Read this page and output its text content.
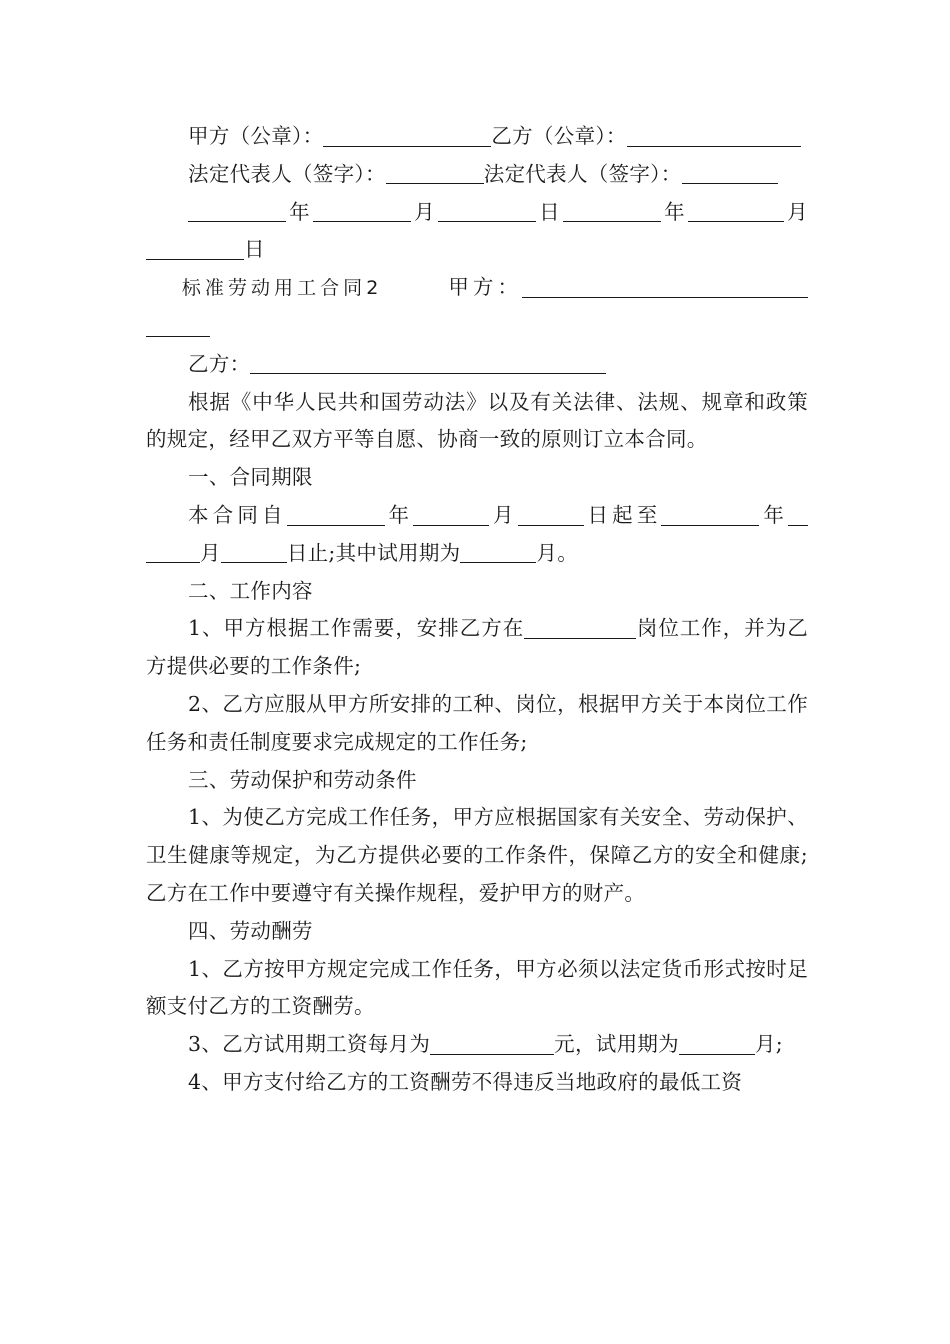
甲方（公章）：	乙方（公章）：

法定代表人（签字）：	法定代表人（签字）：

年	月	日	年	月日

标准劳动用工合同2	甲方：

乙方：

根据《中华人民共和国劳动法》以及有关法律、法规、规章和政策的规定，经甲乙双方平等自愿、协商一致的原则订立本合同。

一、合同期限

本合同自	年	月	日起至	年月	日止;其中试用期为	月。

二、工作内容

1、甲方根据工作需要，安排乙方在	岗位工作，并为乙方提供必要的工作条件;

2、乙方应服从甲方所安排的工种、岗位，根据甲方关于本岗位工作任务和责任制度要求完成规定的工作任务;

三、劳动保护和劳动条件

1、为使乙方完成工作任务，甲方应根据国家有关安全、劳动保护、卫生健康等规定，为乙方提供必要的工作条件，保障乙方的安全和健康;乙方在工作中要遵守有关操作规程，爱护甲方的财产。

四、劳动酬劳

1、乙方按甲方规定完成工作任务，甲方必须以法定货币形式按时足额支付乙方的工资酬劳。

3、乙方试用期工资每月为	元，试用期为	月;

4、甲方支付给乙方的工资酬劳不得违反当地政府的最低工资
